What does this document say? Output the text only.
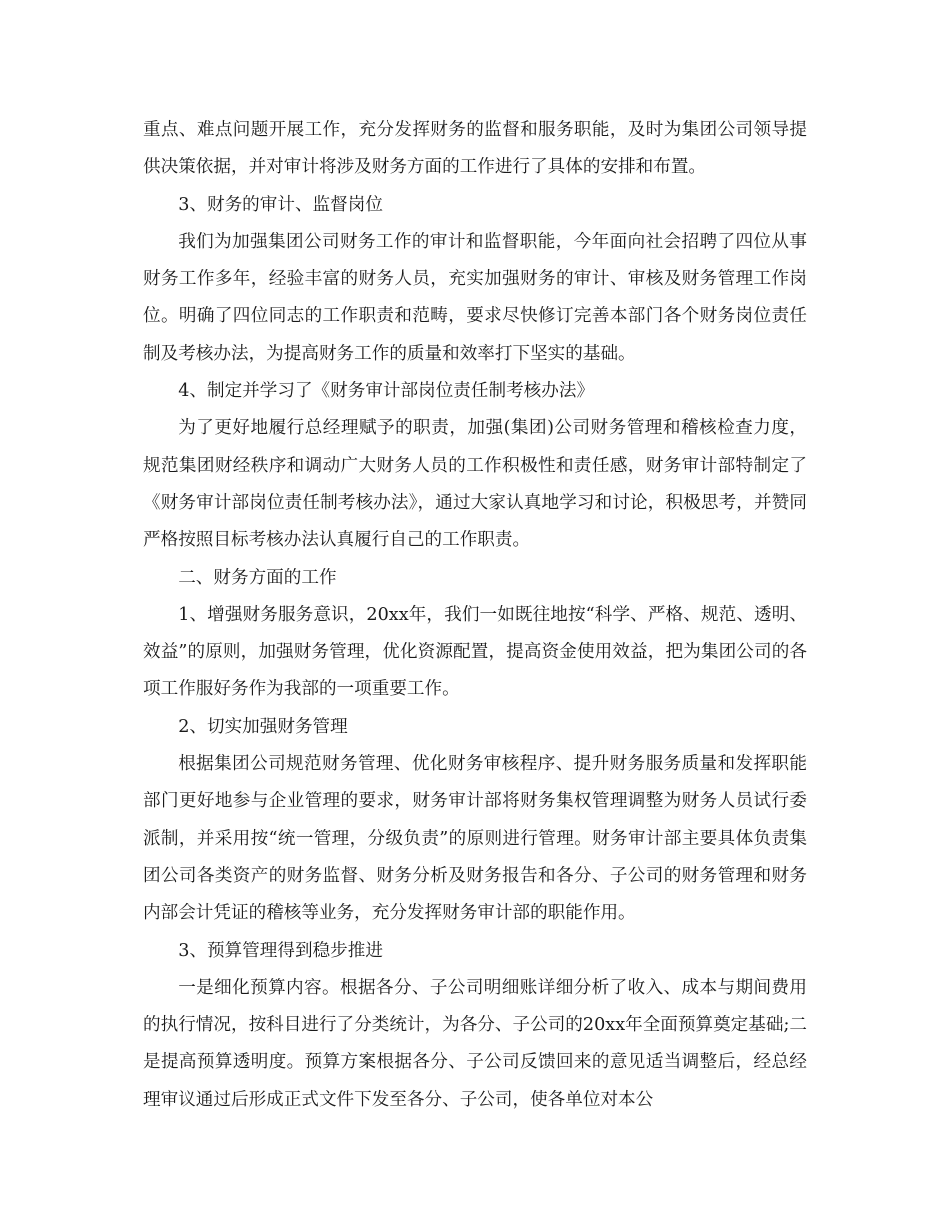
重点、难点问题开展工作，充分发挥财务的监督和服务职能，及时为集团公司领导提供决策依据，并对审计将涉及财务方面的工作进行了具体的安排和布置。

3、财务的审计、监督岗位

我们为加强集团公司财务工作的审计和监督职能，今年面向社会招聘了四位从事财务工作多年，经验丰富的财务人员，充实加强财务的审计、审核及财务管理工作岗位。明确了四位同志的工作职责和范畴，要求尽快修订完善本部门各个财务岗位责任制及考核办法，为提高财务工作的质量和效率打下坚实的基础。

4、制定并学习了《财务审计部岗位责任制考核办法》

为了更好地履行总经理赋予的职责，加强(集团)公司财务管理和稽核检查力度，规范集团财经秩序和调动广大财务人员的工作积极性和责任感，财务审计部特制定了《财务审计部岗位责任制考核办法》，通过大家认真地学习和讨论，积极思考，并赞同严格按照目标考核办法认真履行自己的工作职责。

二、财务方面的工作

1、增强财务服务意识，20xx年，我们一如既往地按“科学、严格、规范、透明、效益”的原则，加强财务管理，优化资源配置，提高资金使用效益，把为集团公司的各项工作服好务作为我部的一项重要工作。

2、切实加强财务管理

根据集团公司规范财务管理、优化财务审核程序、提升财务服务质量和发挥职能部门更好地参与企业管理的要求，财务审计部将财务集权管理调整为财务人员试行委派制，并采用按“统一管理，分级负责”的原则进行管理。财务审计部主要具体负责集团公司各类资产的财务监督、财务分析及财务报告和各分、子公司的财务管理和财务内部会计凭证的稽核等业务，充分发挥财务审计部的职能作用。

3、预算管理得到稳步推进

一是细化预算内容。根据各分、子公司明细账详细分析了收入、成本与期间费用的执行情况，按科目进行了分类统计，为各分、子公司的20xx年全面预算奠定基础;二是提高预算透明度。预算方案根据各分、子公司反馈回来的意见适当调整后，经总经理审议通过后形成正式文件下发至各分、子公司，使各单位对本公
